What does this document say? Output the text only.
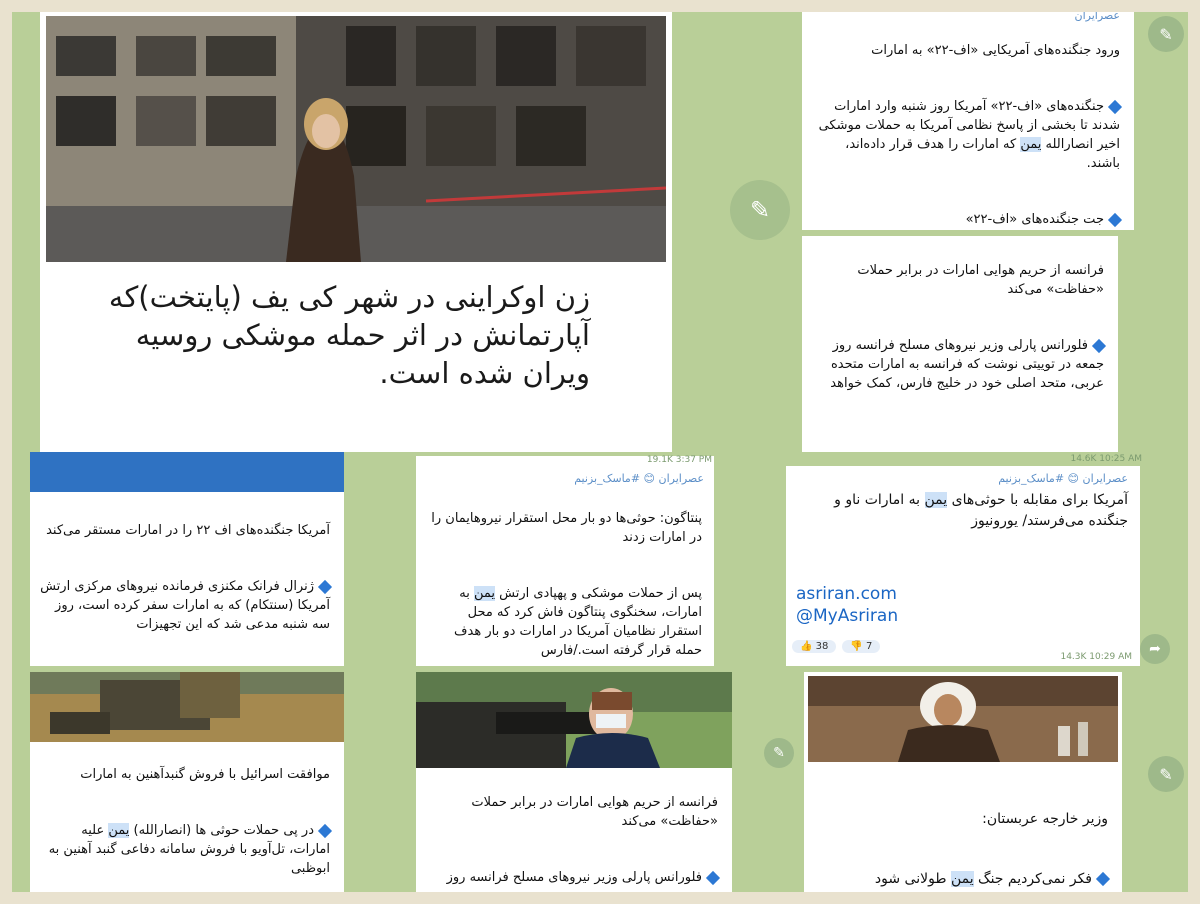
زن اوکراینی در شهر کی یف (پایتخت)که آپارتمانش در اثر حمله موشکی روسیه ویران شده است.
✎
عصرایران

ورود جنگنده‌های آمریکایی «اف-۲۲» به امارات

جنگنده‌های «اف-۲۲» آمریکا روز شنبه وارد امارات شدند تا بخشی از پاسخ نظامی آمریکا به حملات موشکی اخیر انصارالله یمن که امارات را هدف قرار داده‌اند، باشند.

جت جنگنده‌های «اف-۲۲»

✎

فرانسه از حریم هوایی امارات در برابر حملات «حفاظت» می‌کند

فلورانس پارلی وزیر نیروهای مسلح فرانسه روز جمعه در توییتی نوشت که فرانسه به امارات متحده عربی، متحد اصلی خود در خلیج فارس، کمک خواهد

14.6K 10:25 AM

آمریکا جنگنده‌های اف ۲۲ را در امارات مستقر می‌کند

ژنرال فرانک مکنزی فرمانده نیروهای مرکزی ارتش آمریکا (سنتکام) که به امارات سفر کرده است، روز سه شنبه مدعی شد که این تجهیزات

عصرایران 😊 #ماسک_بزنیم

پنتاگون: حوثی‌ها دو بار محل استقرار نیروهایمان را در امارات زدند

پس از حملات موشکی و پهپادی ارتش یمن به امارات، سخنگوی پنتاگون فاش کرد که محل استقرار نظامیان آمریکا در امارات دو بار هدف حمله قرار گرفته است./فارس

19.1K 3:37 PM
عصرایران 😊 #ماسک_بزنیم
آمریکا برای مقابله با حوثی‌های یمن به امارات ناو و جنگنده می‌فرستد/ یورونیوز
asriran.com
@MyAsriran
👍 38 👎 7
14.3K 10:29 AM ➦

موافقت اسرائیل با فروش گنبدآهنین به امارات

در پی حملات حوثی ها (انصارالله) یمن علیه امارات، تل‌آویو با فروش سامانه دفاعی گنبد آهنین به ابوظبی

فرانسه از حریم هوایی امارات در برابر حملات «حفاظت» می‌کند

فلورانس پارلی وزیر نیروهای مسلح فرانسه روز

✎

وزیر خارجه عربستان:

فکر نمی‌کردیم جنگ یمن طولانی شود

✎
